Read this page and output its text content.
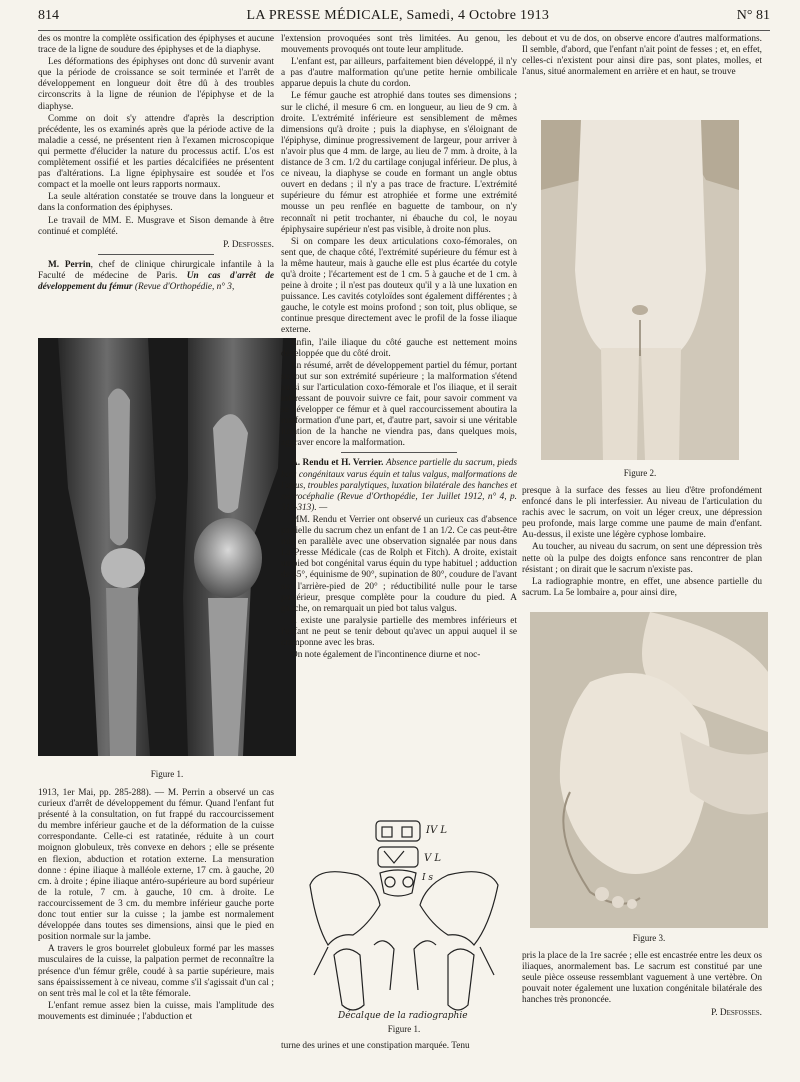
814	LA PRESSE MÉDICALE, Samedi, 4 Octobre 1913	N° 81

des os montre la complète ossification des épiphyses et aucune trace de la ligne de soudure des épiphyses et de la diaphyse.

Les déformations des épiphyses ont donc dû survenir avant que la période de croissance se soit terminée et l'arrêt de développement en longueur doit être dû à des troubles circonscrits à la ligne de réunion de l'épiphyse et de la diaphyse.

Comme on doit s'y attendre d'après la description précédente, les os examinés après que la période active de la maladie a cessé, ne présentent rien à l'examen microscopique qui permette d'élucider la nature du processus actif. L'os est complètement ossifié et les parties décalcifiées ne présentent pas d'altérations. La ligne épiphysaire est soudée et l'os compact et la moelle ont leurs rapports normaux.

La seule altération constatée se trouve dans la longueur et dans la conformation des épiphyses.

Le travail de MM. E. Musgrave et Sison demande à être continué et complété.

P. Desfosses.

M. Perrin, chef de clinique chirurgicale infantile à la Faculté de médecine de Paris. Un cas d'arrêt de développement du fémur (Revue d'Orthopédie, n° 3,

Figure 1.

1913, 1er Mai, pp. 285-288). — M. Perrin a observé un cas curieux d'arrêt de développement du fémur. Quand l'enfant fut présenté à la consultation, on fut frappé du raccourcissement du membre inférieur gauche et de la déformation de la cuisse correspondante. Celle-ci est ratatinée, réduite à un court moignon globuleux, très convexe en dehors ; elle se présente en flexion, abduction et rotation externe. La mensuration donne : épine iliaque à malléole externe, 17 cm. à gauche, 20 cm. à droite ; épine iliaque antéro-supérieure au bord supérieur de la rotule, 7 cm. à gauche, 10 cm. à droite. Le raccourcissement de 3 cm. du membre inférieur gauche porte donc tout entier sur la cuisse ; la jambe est normalement développée dans toutes ses dimensions, ainsi que le pied en position normale sur la jambe.

A travers le gros bourrelet globuleux formé par les masses musculaires de la cuisse, la palpation permet de reconnaître la présence d'un fémur grêle, coudé à sa partie supérieure, mais sans épaississement à ce niveau, comme s'il s'agissait d'un cal ; on sent très mal le col et la tête fémorale.

L'enfant remue assez bien la cuisse, mais l'amplitude des mouvements est diminuée ; l'abduction et

l'extension provoquées sont très limitées. Au genou, les mouvements provoqués ont toute leur amplitude.

L'enfant est, par ailleurs, parfaitement bien développé, il n'y a pas d'autre malformation qu'une petite hernie ombilicale apparue depuis la chute du cordon.

Le fémur gauche est atrophié dans toutes ses dimensions ; sur le cliché, il mesure 6 cm. en longueur, au lieu de 9 cm. à droite. L'extrémité inférieure est sensiblement de mêmes dimensions qu'à droite ; puis la diaphyse, en s'éloignant de l'épiphyse, diminue progressivement de largeur, pour arriver à n'avoir plus que 4 mm. de large, au lieu de 7 mm. à droite, à la distance de 3 cm. 1/2 du cartilage conjugal inférieur. De plus, à ce niveau, la diaphyse se coude en formant un angle obtus ouvert en dedans ; il n'y a pas trace de fracture. L'extrémité supérieure du fémur est atrophiée et forme une extrémité mousse un peu renflée en baguette de tambour, on n'y reconnaît ni petit trochanter, ni ébauche du col, le noyau épiphysaire supérieur n'est pas visible, à droite non plus.

Si on compare les deux articulations coxo-fémorales, on sent que, de chaque côté, l'extrémité supérieure du fémur est à la même hauteur, mais à gauche elle est plus écartée du cotyle qu'à droite ; l'écartement est de 1 cm. 5 à gauche et de 1 cm. à peine à droite ; il n'est pas douteux qu'il y a là une luxation en puissance. Les cavités cotyloïdes sont également différentes ; à gauche, le cotyle est moins profond ; son toit, plus oblique, se continue presque directement avec le profil de la fosse iliaque externe.

Enfin, l'aile iliaque du côté gauche est nettement moins développée que du côté droit.

En résumé, arrêt de développement partiel du fémur, portant surtout sur son extrémité supérieure ; la malformation s'étend aussi sur l'articulation coxo-fémorale et l'os iliaque, et il serait intéressant de pouvoir suivre ce fait, pour savoir comment va se développer ce fémur et à quel raccourcissement aboutira la malformation d'une part, et, d'autre part, savoir si une véritable luxation de la hanche ne viendra pas, dans quelques mois, aggraver encore la malformation.

A. Rendu et H. Verrier. Absence partielle du sacrum, pieds bots congénitaux varus équin et talus valgus, malformations de l'anus, troubles paralytiques, luxation bilatérale des hanches et microcéphalie (Revue d'Orthopédie, 1er Juillet 1912, n° 4, p. 311-313). —

MM. Rendu et Verrier ont observé un curieux cas d'absence partielle du sacrum chez un enfant de 1 an 1/2. Ce cas peut-être mis en parallèle avec une observation signalée par nous dans La Presse Médicale (cas de Rolph et Fitch). A droite, existait un pied bot congénital varus équin du type habituel ; adduction de 45°, équinisme de 90°, supination de 80°, coudure de l'avant sur l'arrière-pied de 20° ; réductibilité nulle pour le tarse postérieur, presque complète pour la coudure du pied. A gauche, on remarquait un pied bot talus valgus.

Il existe une paralysie partielle des membres inférieurs et l'enfant ne peut se tenir debout qu'avec un appui auquel il se cramponne avec les bras.

On note également de l'incontinence diurne et noc-

IV L
V L
I s
Décalque de la radiographie
Figure 1.

turne des urines et une constipation marquée. Tenu

debout et vu de dos, on observe encore d'autres malformations. Il semble, d'abord, que l'enfant n'ait point de fesses ; et, en effet, celles-ci n'existent pour ainsi dire pas, sont plates, molles, et l'anus, situé anormalement en arrière et en haut, se trouve

Figure 2.

presque à la surface des fesses au lieu d'être profondément enfoncé dans le pli interfessier. Au niveau de l'articulation du rachis avec le sacrum, on voit un léger creux, une dépression peu profonde, mais large comme une paume de main d'enfant. Au-dessus, il existe une légère cyphose lombaire.

Au toucher, au niveau du sacrum, on sent une dépression très nette où la pulpe des doigts enfonce sans rencontrer de plan résistant ; on dirait que le sacrum n'existe pas.

La radiographie montre, en effet, une absence partielle du sacrum. La 5e lombaire a, pour ainsi dire,

Figure 3.

pris la place de la 1re sacrée ; elle est encastrée entre les deux os iliaques, anormalement bas. Le sacrum est constitué par une seule pièce osseuse ressemblant vaguement à une vertèbre. On pouvait noter également une luxation congénitale bilatérale des hanches très prononcée.

P. Desfosses.
